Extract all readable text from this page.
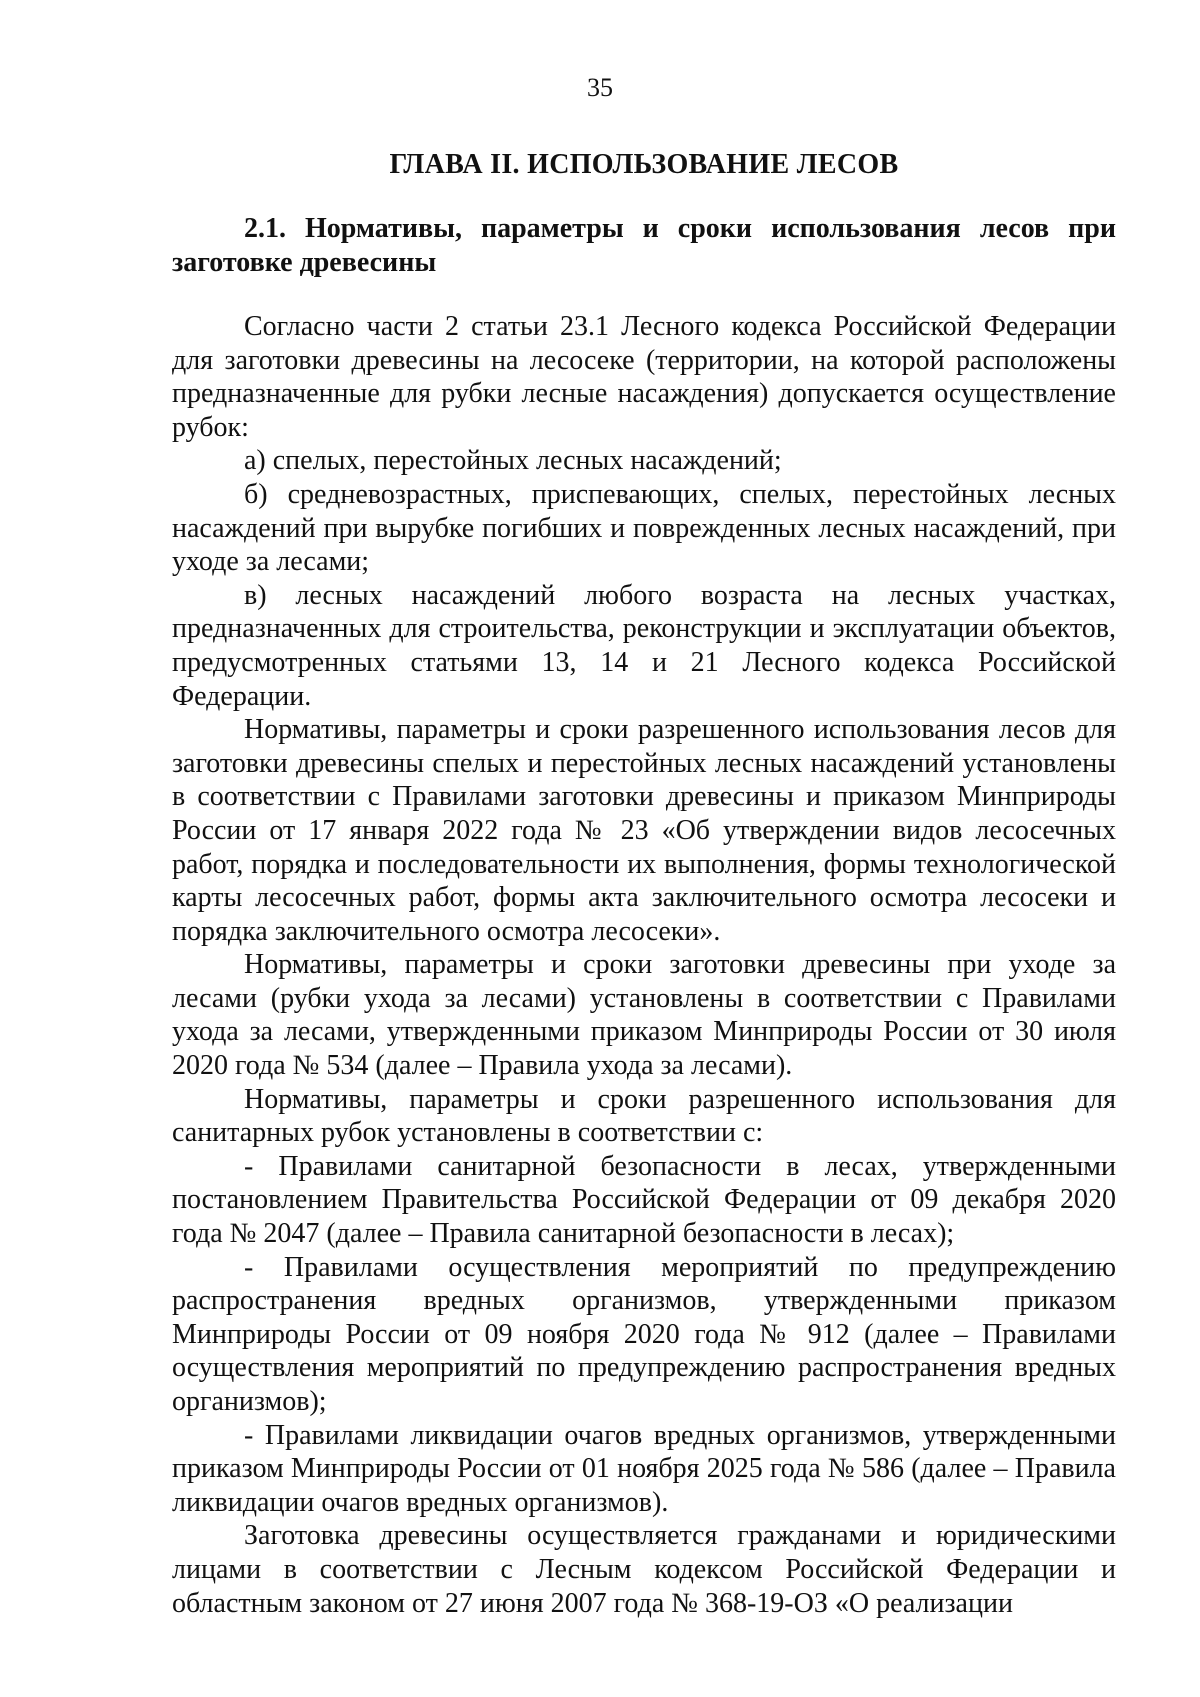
35
ГЛАВА II. ИСПОЛЬЗОВАНИЕ ЛЕСОВ
2.1. Нормативы, параметры и сроки использования лесов при заготовке древесины

Согласно части 2 статьи 23.1 Лесного кодекса Российской Федерации для заготовки древесины на лесосеке (территории, на которой расположены предназначенные для рубки лесные насаждения) допускается осуществление рубок:

а) спелых, перестойных лесных насаждений;

б) средневозрастных, приспевающих, спелых, перестойных лесных насаждений при вырубке погибших и поврежденных лесных насаждений, при уходе за лесами;

в) лесных насаждений любого возраста на лесных участках, предназначенных для строительства, реконструкции и эксплуатации объектов, предусмотренных статьями 13, 14 и 21 Лесного кодекса Российской Федерации.

Нормативы, параметры и сроки разрешенного использования лесов для заготовки древесины спелых и перестойных лесных насаждений установлены в соответствии с Правилами заготовки древесины и приказом Минприроды России от 17 января 2022 года № 23 «Об утверждении видов лесосечных работ, порядка и последовательности их выполнения, формы технологической карты лесосечных работ, формы акта заключительного осмотра лесосеки и порядка заключительного осмотра лесосеки».

Нормативы, параметры и сроки заготовки древесины при уходе за лесами (рубки ухода за лесами) установлены в соответствии с Правилами ухода за лесами, утвержденными приказом Минприроды России от 30 июля 2020 года № 534 (далее – Правила ухода за лесами).

Нормативы, параметры и сроки разрешенного использования для санитарных рубок установлены в соответствии с:

- Правилами санитарной безопасности в лесах, утвержденными постановлением Правительства Российской Федерации от 09 декабря 2020 года № 2047 (далее – Правила санитарной безопасности в лесах);

- Правилами осуществления мероприятий по предупреждению распространения вредных организмов, утвержденными приказом Минприроды России от 09 ноября 2020 года № 912 (далее – Правилами осуществления мероприятий по предупреждению распространения вредных организмов);

- Правилами ликвидации очагов вредных организмов, утвержденными приказом Минприроды России от 01 ноября 2025 года № 586 (далее – Правила ликвидации очагов вредных организмов).

Заготовка древесины осуществляется гражданами и юридическими лицами в соответствии с Лесным кодексом Российской Федерации и областным законом от 27 июня 2007 года № 368-19-ОЗ «О реализации
